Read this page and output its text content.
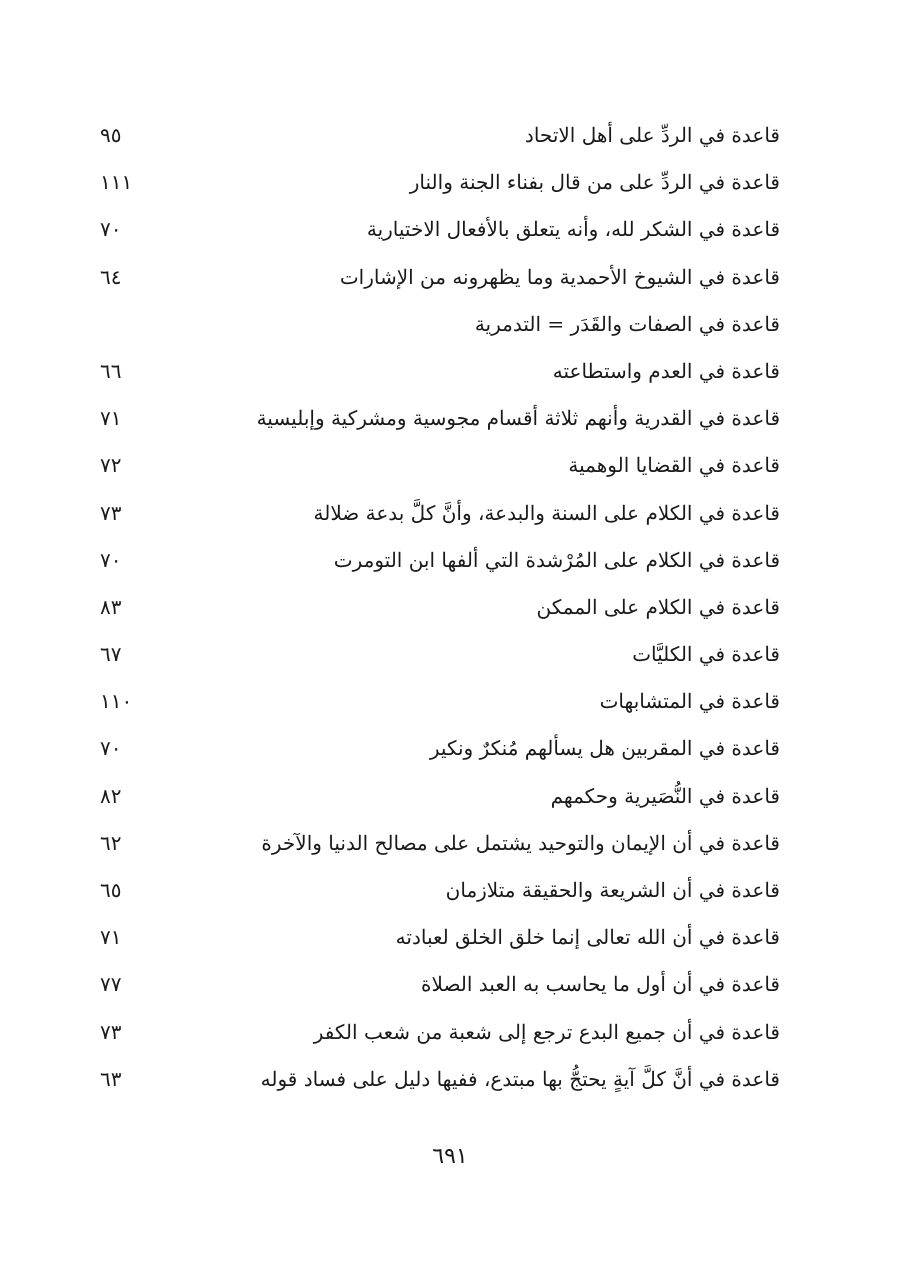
قاعدة في الردِّ على أهل الاتحاد
٩٥
قاعدة في الردِّ على من قال بفناء الجنة والنار
١١١
قاعدة في الشكر لله، وأنه يتعلق بالأفعال الاختيارية
٧٠
قاعدة في الشيوخ الأحمدية وما يظهرونه من الإشارات
٦٤
قاعدة في الصفات والقَدَر = التدمرية
قاعدة في العدم واستطاعته
٦٦
قاعدة في القدرية وأنهم ثلاثة أقسام مجوسية ومشركية وإبليسية
٧١
قاعدة في القضايا الوهمية
٧٢
قاعدة في الكلام على السنة والبدعة، وأنَّ كلَّ بدعة ضلالة
٧٣
قاعدة في الكلام على المُرْشدة التي ألفها ابن التومرت
٧٠
قاعدة في الكلام على الممكن
٨٣
قاعدة في الكليَّات
٦٧
قاعدة في المتشابهات
١١٠
قاعدة في المقربين هل يسألهم مُنكرٌ ونكير
٧٠
قاعدة في النُّصَيرية وحكمهم
٨٢
قاعدة في أن الإيمان والتوحيد يشتمل على مصالح الدنيا والآخرة
٦٢
قاعدة في أن الشريعة والحقيقة متلازمان
٦٥
قاعدة في أن الله تعالى إنما خلق الخلق لعبادته
٧١
قاعدة في أن أول ما يحاسب به العبد الصلاة
٧٧
قاعدة في أن جميع البدع ترجع إلى شعبة من شعب الكفر
٧٣
قاعدة في أنَّ كلَّ آيةٍ يحتجُّ بها مبتدع، ففيها دليل على فساد قوله
٦٣
٦٩١
